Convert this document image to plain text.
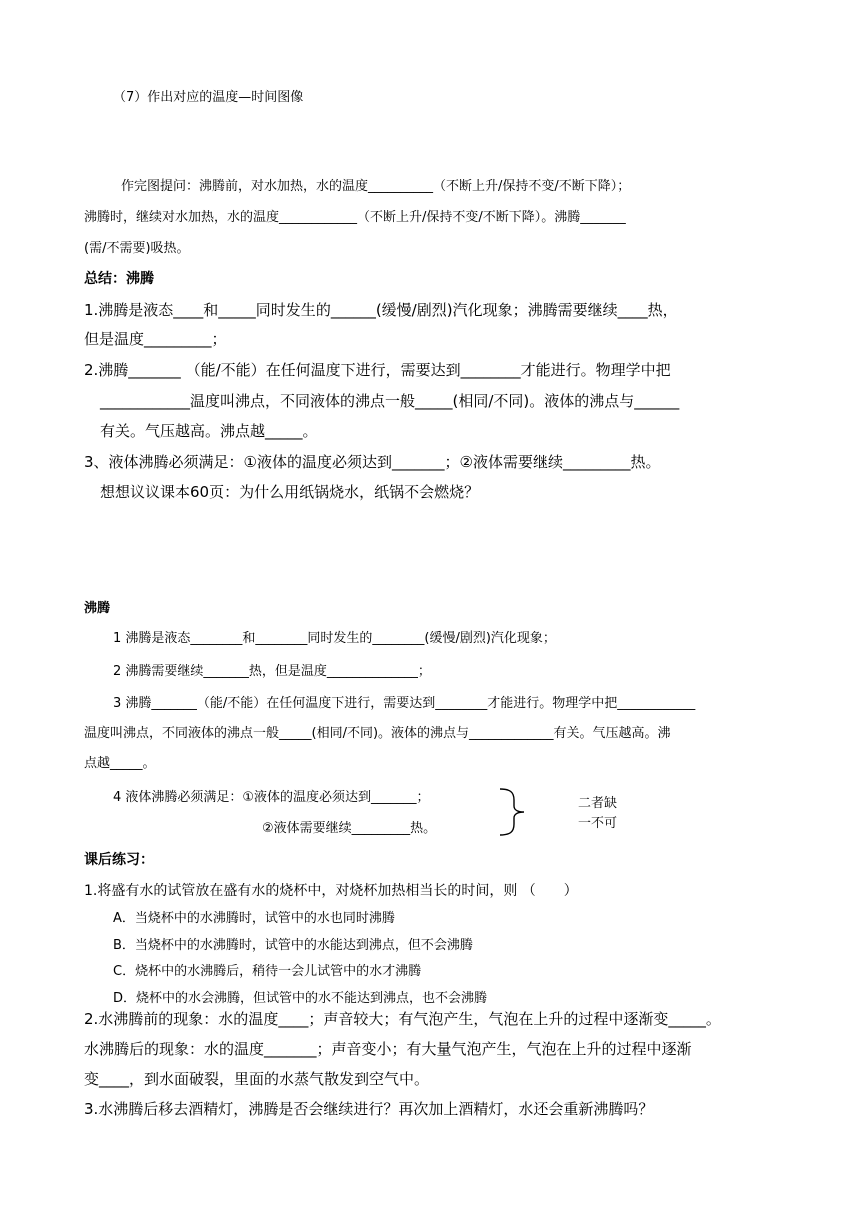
（7）作出对应的温度—时间图像

作完图提问：沸腾前，对水加热，水的温度__________（不断上升/保持不变/不断下降）；

沸腾时，继续对水加热，水的温度____________（不断上升/保持不变/不断下降）。沸腾_______

(需/不需要)吸热。

总结：沸腾

1.沸腾是液态____和_____同时发生的______(缓慢/剧烈)汽化现象；沸腾需要继续____热，

但是温度_________；

2.沸腾_______ （能/不能）在任何温度下进行，需要达到________才能进行。物理学中把

____________温度叫沸点，不同液体的沸点一般_____(相同/不同)。液体的沸点与______

有关。气压越高。沸点越_____。

3、液体沸腾必须满足：①液体的温度必须达到_______；②液体需要继续_________热。

想想议议课本60页：为什么用纸锅烧水，纸锅不会燃烧？

沸腾

1 沸腾是液态________和________同时发生的________(缓慢/剧烈)汽化现象；

2 沸腾需要继续_______热，但是温度______________；

3 沸腾_______（能/不能）在任何温度下进行，需要达到________才能进行。物理学中把____________

温度叫沸点，不同液体的沸点一般_____(相同/不同)。液体的沸点与_____________有关。气压越高。沸

点越_____。

4 液体沸腾必须满足：①液体的温度必须达到_______；

②液体需要继续_________热。

二者缺

一不可

课后练习：

1.将盛有水的试管放在盛有水的烧杯中，对烧杯加热相当长的时间，则 （　　）

A．当烧杯中的水沸腾时，试管中的水也同时沸腾

B．当烧杯中的水沸腾时，试管中的水能达到沸点，但不会沸腾

C．烧杯中的水沸腾后，稍待一会儿试管中的水才沸腾

D．烧杯中的水会沸腾，但试管中的水不能达到沸点，也不会沸腾

2.水沸腾前的现象：水的温度____；声音较大；有气泡产生，气泡在上升的过程中逐渐变_____。

水沸腾后的现象：水的温度_______；声音变小；有大量气泡产生，气泡在上升的过程中逐渐

变____，到水面破裂，里面的水蒸气散发到空气中。

3.水沸腾后移去酒精灯，沸腾是否会继续进行？再次加上酒精灯，水还会重新沸腾吗？
